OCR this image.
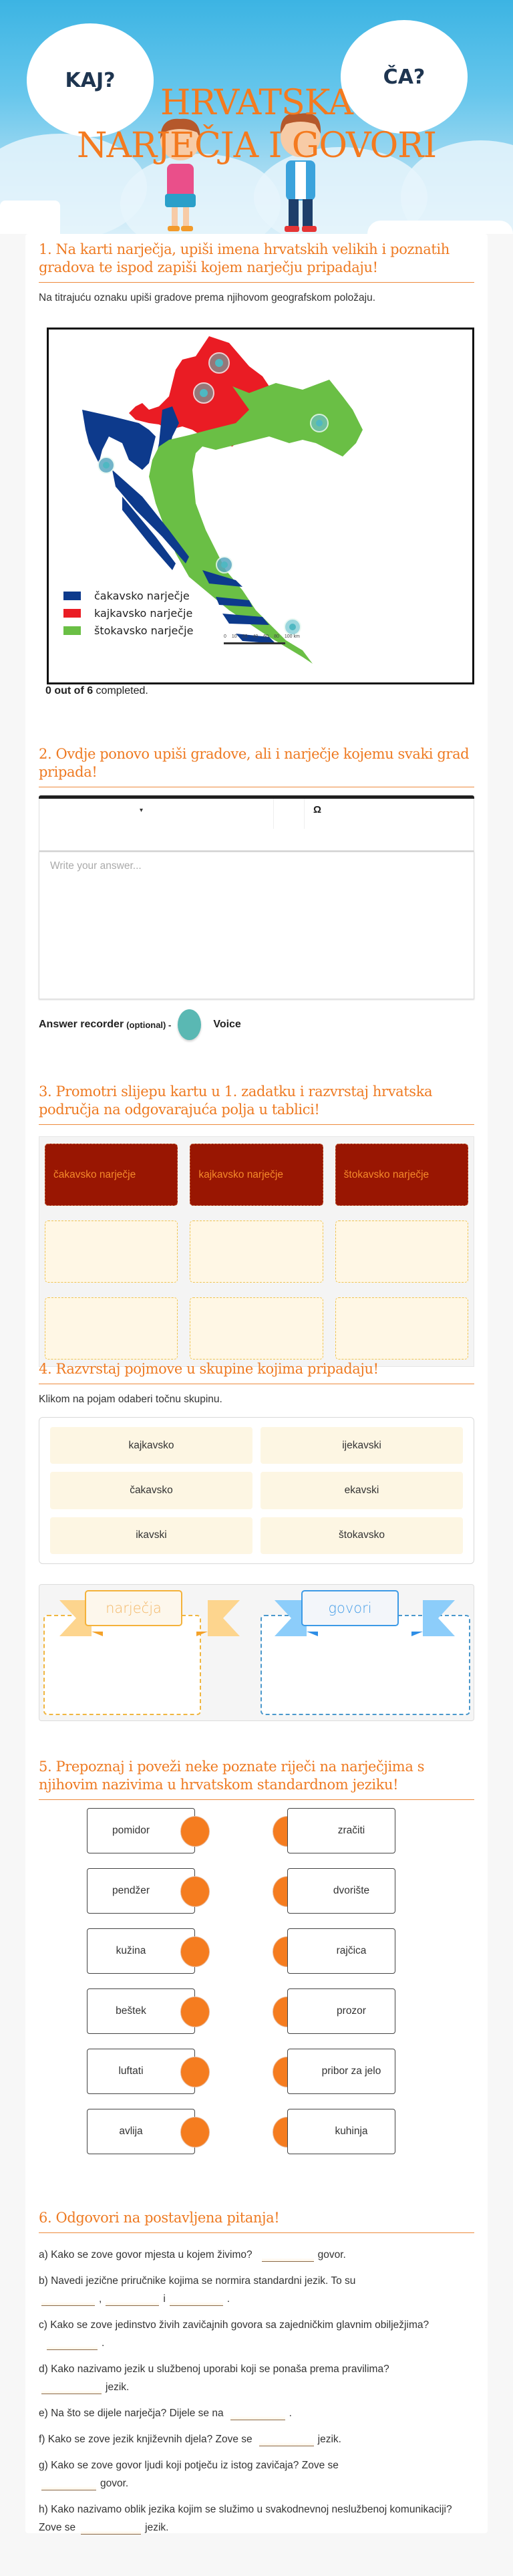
KAJ?	ČA?
HRVATSKA
NARJEČJA I GOVORI
1. Na karti narječja, upiši imena hrvatskih velikih i poznatih gradova te ispod zapiši kojem narječju pripadaju!
Na titrajuću oznaku upiši gradove prema njihovom geografskom položaju.
čakavsko narječje
kajkavsko narječje
štokavsko narječje	0 10 20 40 60 80 100 km
0 out of 6 completed.
2. Ovdje ponovo upiši gradove, ali i narječje kojemu svaki grad pripada!
▾	Ω
Write your answer...
Answer recorder (optional) -	Voice
3. Promotri slijepu kartu u 1. zadatku i razvrstaj hrvatska područja na odgovarajuća polja u tablici!
čakavsko narječje	kajkavsko narječje	štokavsko narječje
4. Razvrstaj pojmove u skupine kojima pripadaju!
Klikom na pojam odaberi točnu skupinu.
kajkavsko	ijekavski
čakavsko	ekavski
ikavski	štokavsko
narječja	govori
5. Prepoznaj i poveži neke poznate riječi na narječjima s njihovim nazivima u hrvatskom standardnom jeziku!
pomidor	zračiti
pendžer	dvorište
kužina	rajčica
beštek	prozor
luftati	pribor za jelo
avlija	kuhinja
6. Odgovori na postavljena pitanja!
a) Kako se zove govor mjesta u kojem živimo?	govor.
b) Navedi jezične priručnike kojima se normira standardni jezik. To su
,	i	.
c) Kako se zove jedinstvo živih zavičajnih govora sa zajedničkim glavnim obilježjima?.
d) Kako nazivamo jezik u službenoj uporabi koji se ponaša prema pravilima?
jezik.
e) Na što se dijele narječja? Dijele se na	.
f) Kako se zove jezik književnih djela? Zove se	jezik.
g) Kako se zove govor ljudi koji potječu iz istog zavičaja? Zove se
govor.
h) Kako nazivamo oblik jezika kojim se služimo u svakodnevnoj neslužbenoj komunikaciji? Zove se	jezik.
